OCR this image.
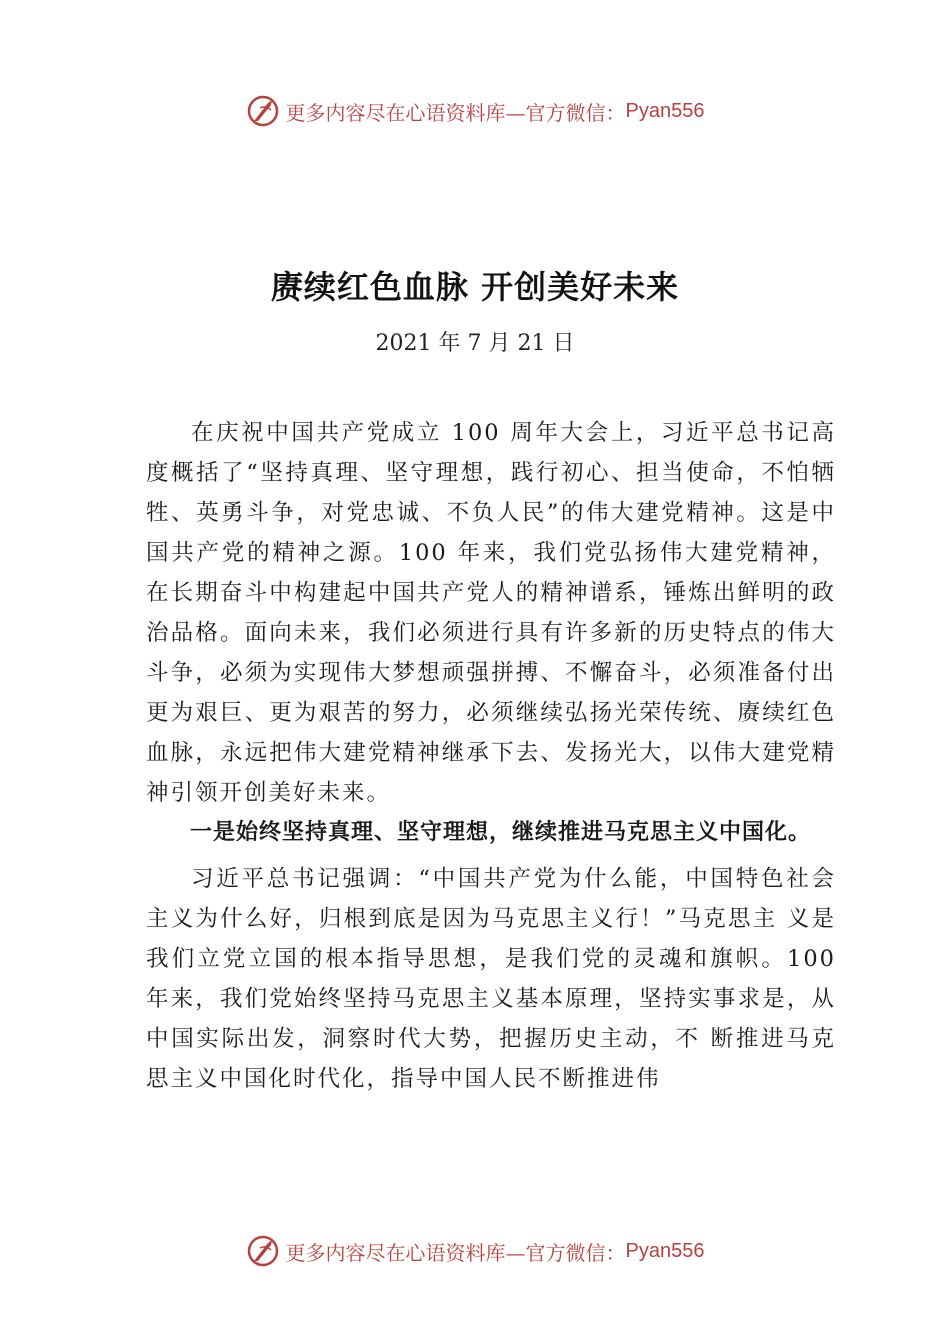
更多内容尽在心语资料库—官方微信： Pyan556
赓续红色血脉 开创美好未来
2021 年 7 月 21 日

在庆祝中国共产党成立 100 周年大会上，习近平总书记高度概括了“坚持真理、坚守理想，践行初心、担当使命，不怕牺牲、英勇斗争，对党忠诚、不负人民”的伟大建党精神。这是中国共产党的精神之源。100 年来，我们党弘扬伟大建党精神，在长期奋斗中构建起中国共产党人的精神谱系，锤炼出鲜明的政治品格。面向未来，我们必须进行具有许多新的历史特点的伟大斗争，必须为实现伟大梦想顽强拼搏、不懈奋斗，必须准备付出更为艰巨、更为艰苦的努力，必须继续弘扬光荣传统、赓续红色血脉，永远把伟大建党精神继承下去、发扬光大，以伟大建党精神引领开创美好未来。

一是始终坚持真理、坚守理想，继续推进马克思主义中国化。

习近平总书记强调：“中国共产党为什么能，中国特色社会主义为什么好，归根到底是因为马克思主义行！”马克思主 义是我们立党立国的根本指导思想，是我们党的灵魂和旗帜。100 年来，我们党始终坚持马克思主义基本原理，坚持实事求是，从中国实际出发，洞察时代大势，把握历史主动，不 断推进马克思主义中国化时代化，指导中国人民不断推进伟

更多内容尽在心语资料库—官方微信： Pyan556
